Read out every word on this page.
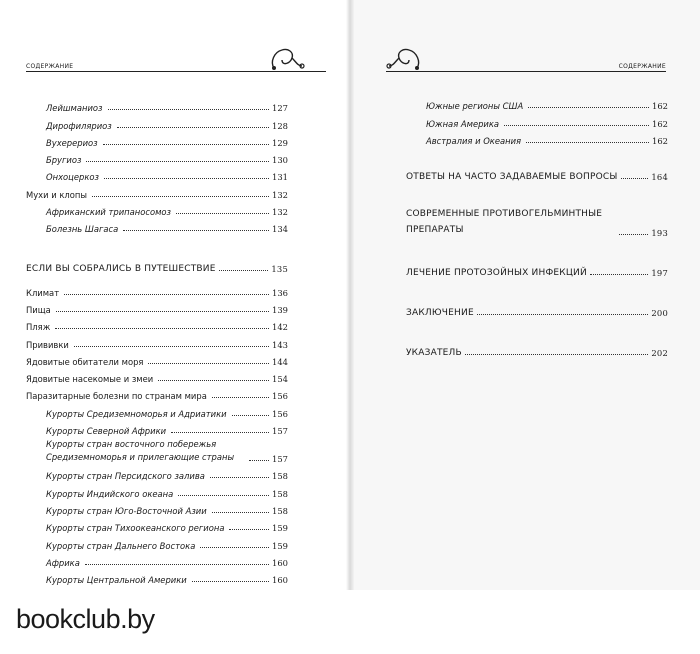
СОДЕРЖАНИЕ	СОДЕРЖАНИЕ
Лейшманиоз	127
Дирофиляриоз	128
Вухерериоз	129
Бругиоз	130
Онхоцеркоз	131
Мухи и клопы	132
Африканский трипаносомоз	132
Болезнь Шагаса	134
ЕСЛИ ВЫ СОБРАЛИСЬ В ПУТЕШЕСТВИЕ	135
Климат	136
Пища	139
Пляж	142
Прививки	143
Ядовитые обитатели моря	144
Ядовитые насекомые и змеи	154
Паразитарные болезни по странам мира	156
Курорты Средиземноморья и Адриатики	156
Курорты Северной Африки	157
Курорты стран восточного побережья Средиземноморья и прилегающие страны	157
Курорты стран Персидского залива	158
Курорты Индийского океана	158
Курорты стран Юго-Восточной Азии	158
Курорты стран Тихоокеанского региона	159
Курорты стран Дальнего Востока	159
Африка	160
Курорты Центральной Америки	160
Южные регионы США	162
Южная Америка	162
Австралия и Океания	162
ОТВЕТЫ НА ЧАСТО ЗАДАВАЕМЫЕ ВОПРОСЫ	164
СОВРЕМЕННЫЕ ПРОТИВОГЕЛЬМИНТНЫЕ ПРЕПАРАТЫ	193
ЛЕЧЕНИЕ ПРОТОЗОЙНЫХ ИНФЕКЦИЙ	197
ЗАКЛЮЧЕНИЕ	200
УКАЗАТЕЛЬ	202
bookclub.by
